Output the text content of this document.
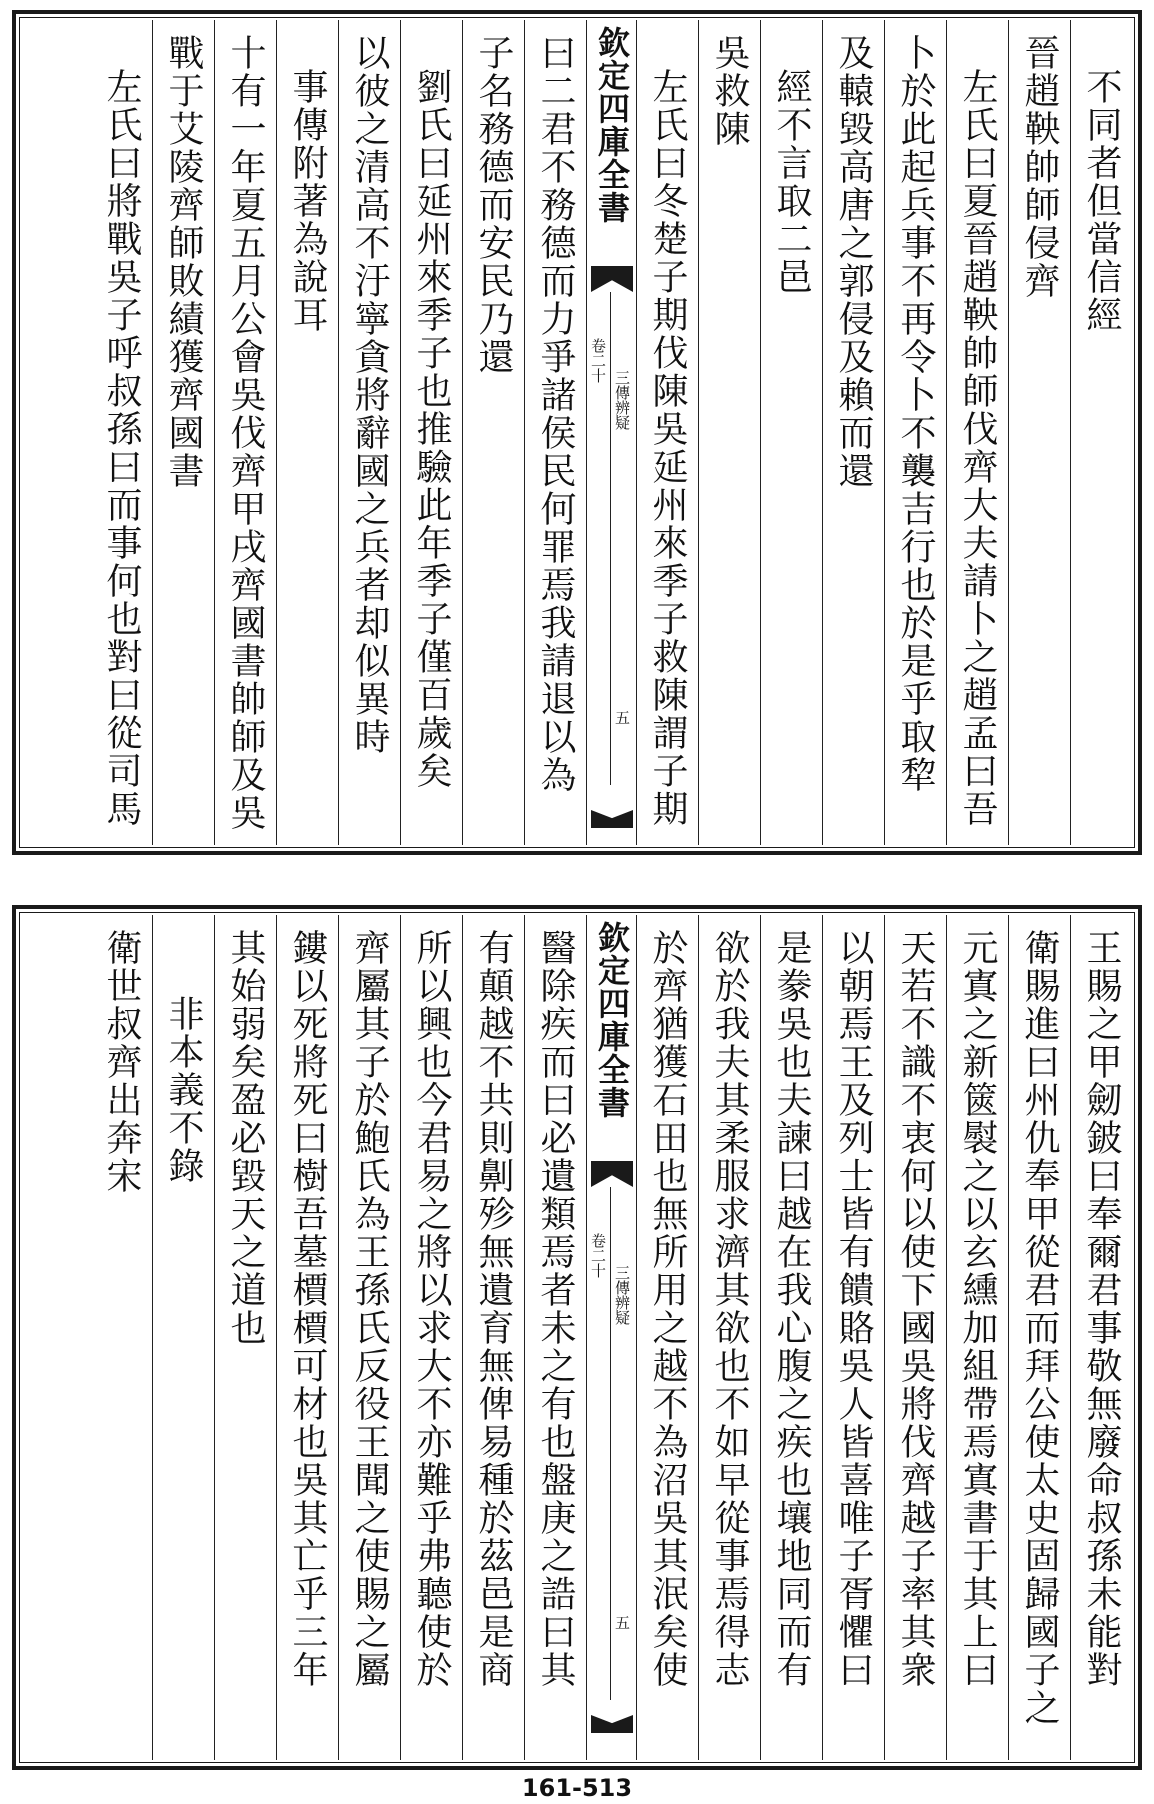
不同者但當信經
晉趙鞅帥師侵齊
左氏曰夏晉趙鞅帥師伐齊大夫請卜之趙孟曰吾
卜於此起兵事不再令卜不襲吉行也於是乎取犂
及轅毀高唐之郭侵及賴而還
經不言取二邑
吳救陳
左氏曰冬楚子期伐陳吳延州來季子救陳謂子期
欽定四庫全書
卷二十
三傳辨疑
五
曰二君不務德而力爭諸侯民何罪焉我請退以為
子名務德而安民乃還
劉氏曰延州來季子也推驗此年季子僅百歲矣
以彼之清高不汙寧貪將辭國之兵者却似異時
事傳附著為說耳
十有一年夏五月公會吳伐齊甲戌齊國書帥師及吳
戰于艾陵齊師敗績獲齊國書
左氏曰將戰吳子呼叔孫曰而事何也對曰從司馬
王賜之甲劒鈹曰奉爾君事敬無廢命叔孫未能對
衛賜進曰州仇奉甲從君而拜公使太史固歸國子之
元寘之新篋褽之以玄纁加組帶焉寘書于其上曰
天若不識不衷何以使下國吳將伐齊越子率其衆
以朝焉王及列士皆有饋賂吳人皆喜唯子胥懼曰
是豢吳也夫諫曰越在我心腹之疾也壤地同而有
欲於我夫其柔服求濟其欲也不如早從事焉得志
於齊猶獲石田也無所用之越不為沼吳其泯矣使
欽定四庫全書
卷二十
三傳辨疑
五
醫除疾而曰必遺類焉者未之有也盤庚之誥曰其
有顛越不共則劓殄無遺育無俾易種於茲邑是商
所以興也今君易之將以求大不亦難乎弗聽使於
齊屬其子於鮑氏為王孫氏反役王聞之使賜之屬
鏤以死將死曰樹吾墓檟檟可材也吳其亡乎三年
其始弱矣盈必毀天之道也
非本義不錄
衛世叔齊出奔宋
161-513
